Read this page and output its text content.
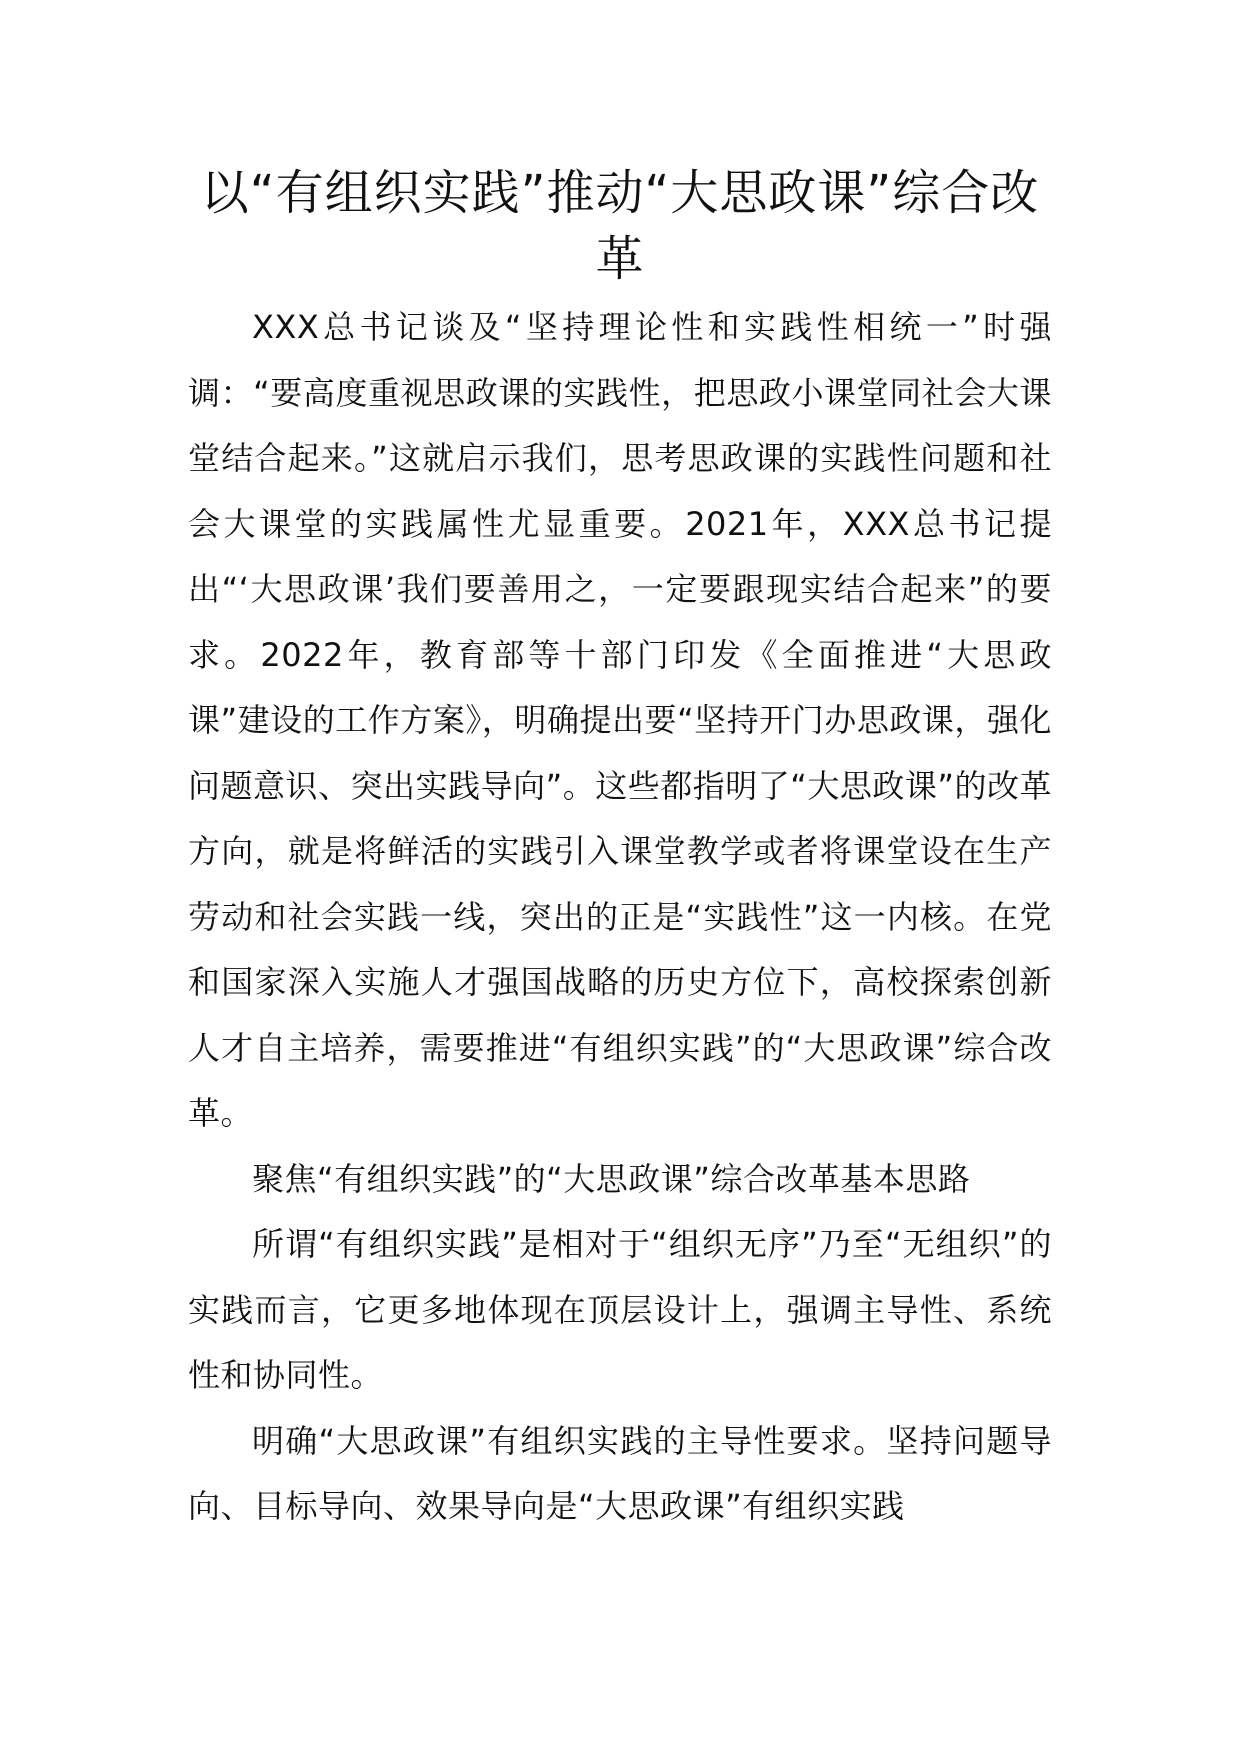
以“有组织实践”推动“大思政课”综合改革

XXX总书记谈及“坚持理论性和实践性相统一”时强调：“要高度重视思政课的实践性，把思政小课堂同社会大课堂结合起来。”这就启示我们，思考思政课的实践性问题和社会大课堂的实践属性尤显重要。2021年，XXX总书记提出“‘大思政课’我们要善用之，一定要跟现实结合起来”的要求。2022年，教育部等十部门印发《全面推进“大思政课”建设的工作方案》，明确提出要“坚持开门办思政课，强化问题意识、突出实践导向”。这些都指明了“大思政课”的改革方向，就是将鲜活的实践引入课堂教学或者将课堂设在生产劳动和社会实践一线，突出的正是“实践性”这一内核。在党和国家深入实施人才强国战略的历史方位下，高校探索创新人才自主培养，需要推进“有组织实践”的“大思政课”综合改革。

聚焦“有组织实践”的“大思政课”综合改革基本思路

所谓“有组织实践”是相对于“组织无序”乃至“无组织”的实践而言，它更多地体现在顶层设计上，强调主导性、系统性和协同性。

明确“大思政课”有组织实践的主导性要求。坚持问题导向、目标导向、效果导向是“大思政课”有组织实践
